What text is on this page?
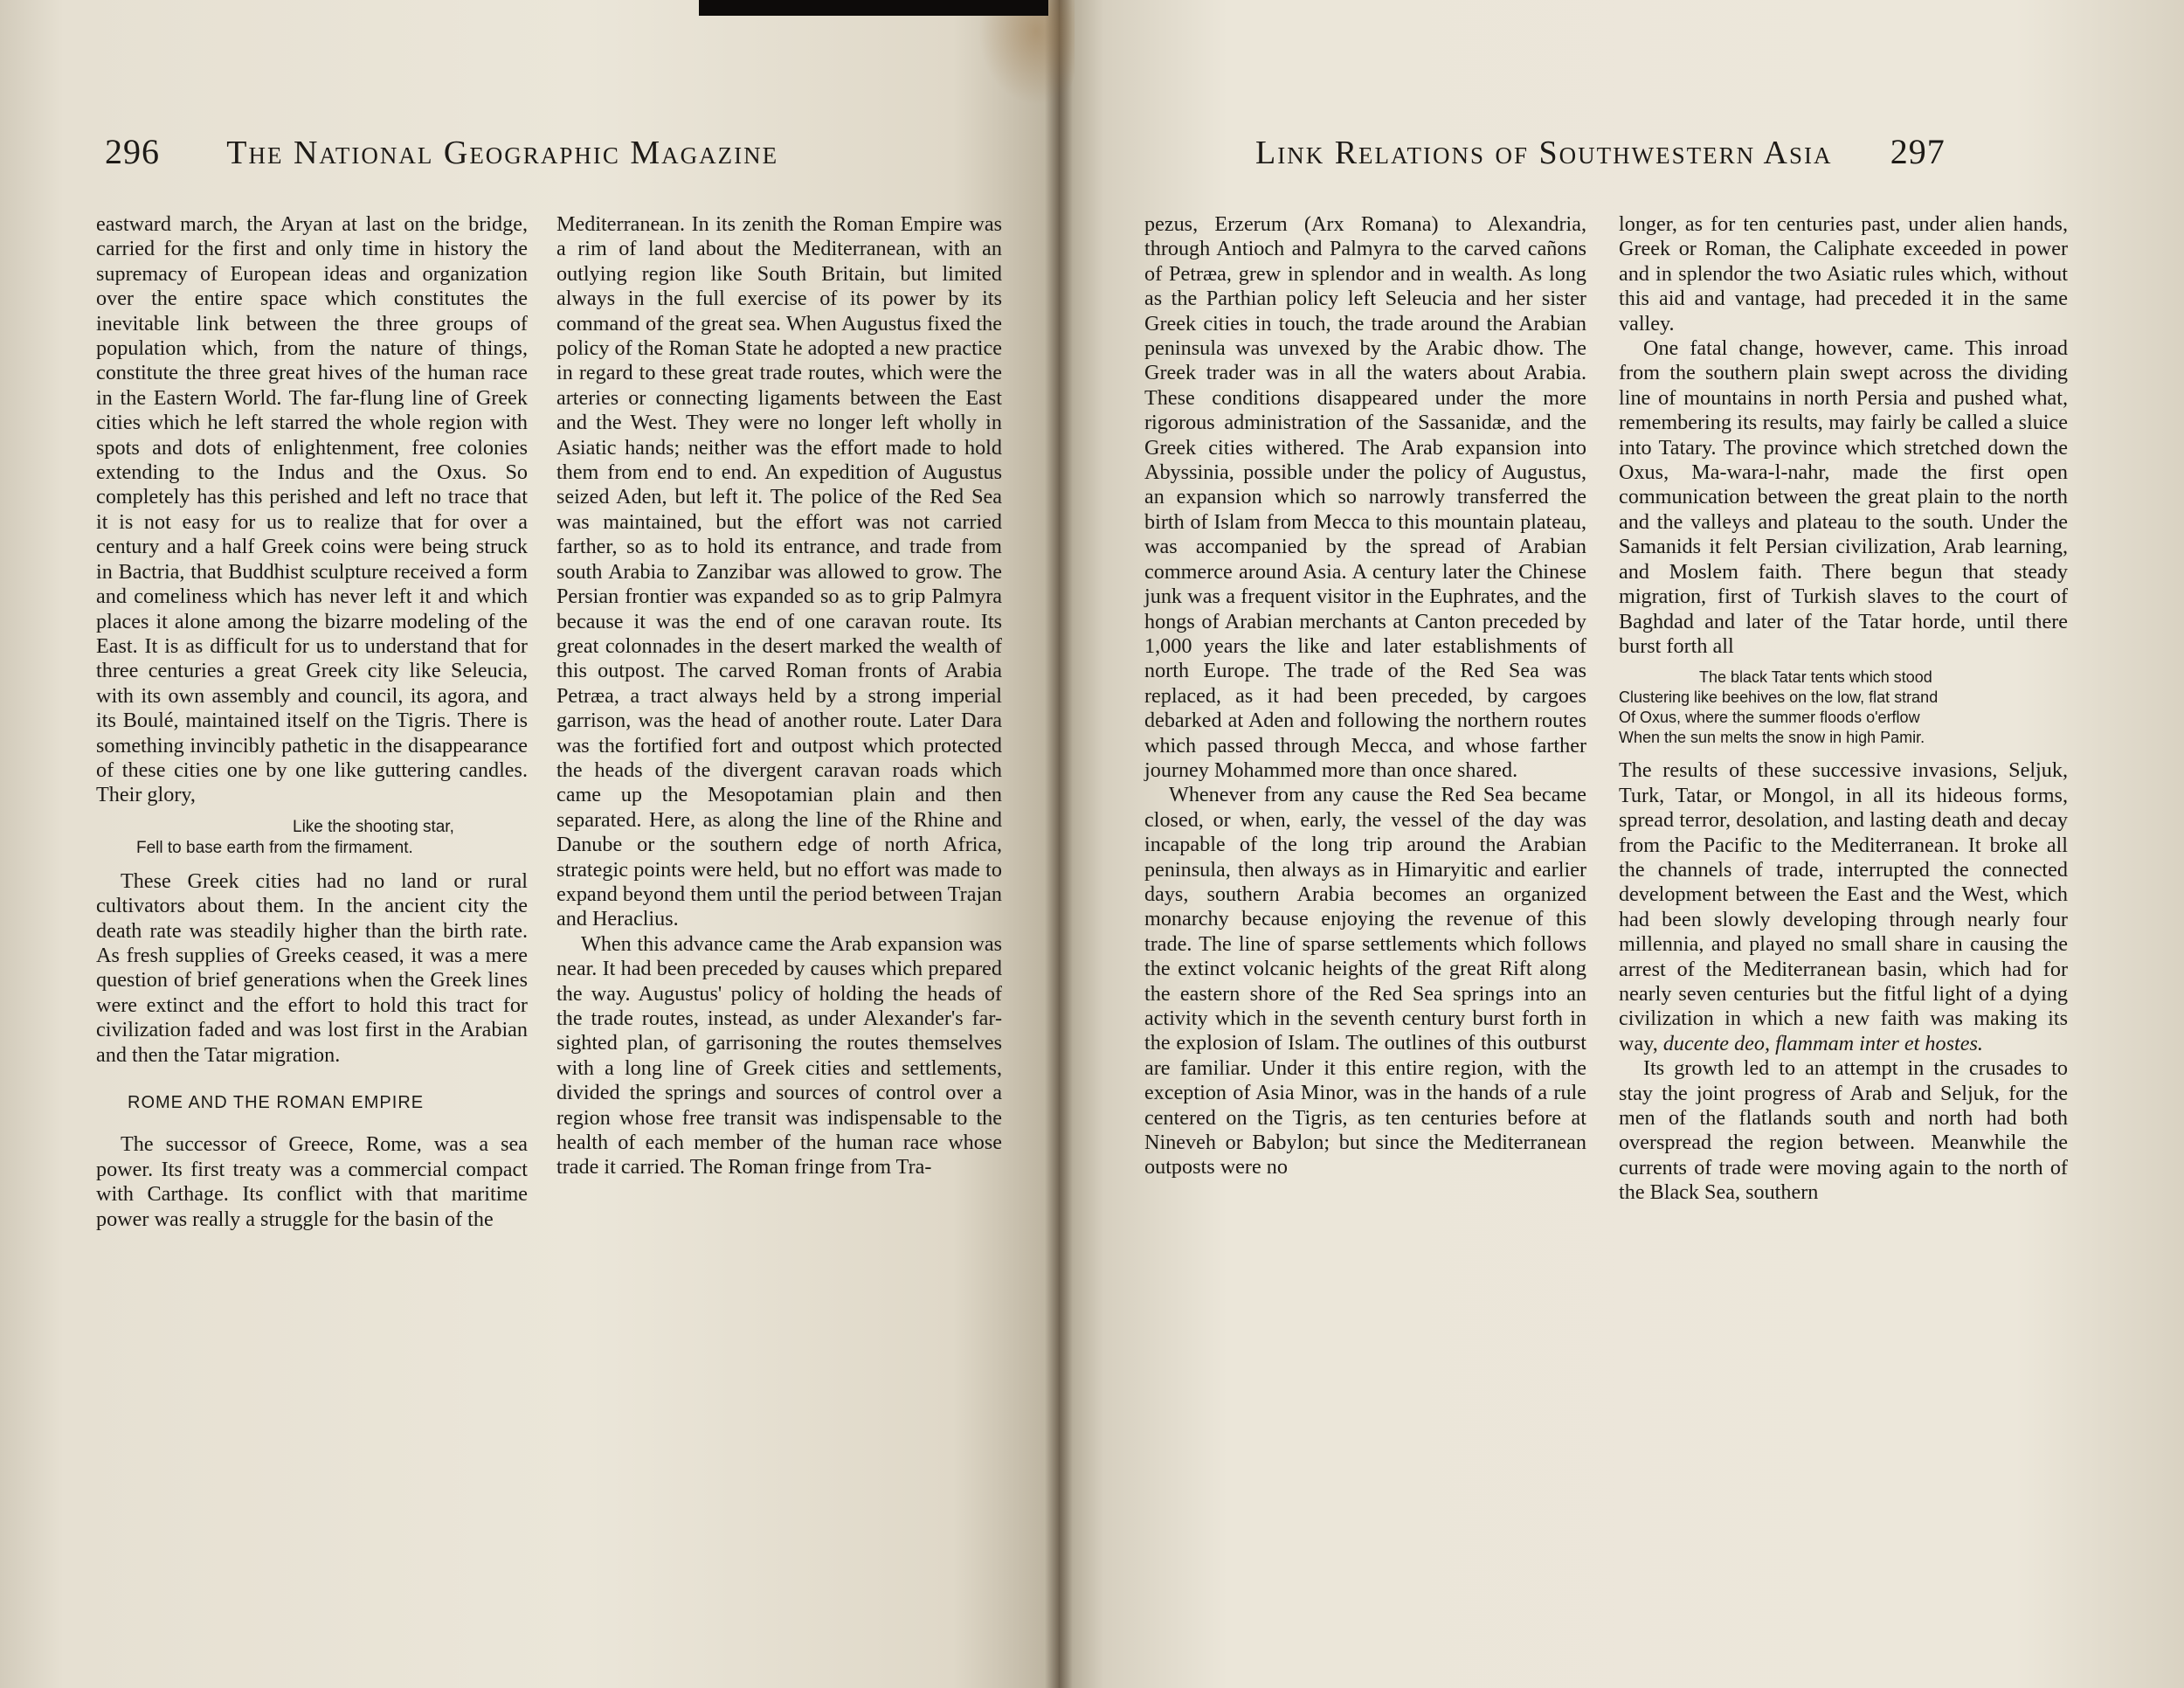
296 The National Geographic Magazine

eastward march, the Aryan at last on the bridge, carried for the first and only time in history the supremacy of European ideas and organization over the entire space which constitutes the inevitable link between the three groups of population which, from the nature of things, constitute the three great hives of the human race in the Eastern World. The far-flung line of Greek cities which he left starred the whole region with spots and dots of enlightenment, free colonies extending to the Indus and the Oxus. So completely has this perished and left no trace that it is not easy for us to realize that for over a century and a half Greek coins were being struck in Bactria, that Buddhist sculpture received a form and comeliness which has never left it and which places it alone among the bizarre modeling of the East. It is as difficult for us to understand that for three centuries a great Greek city like Seleucia, with its own assembly and council, its agora, and its Boulé, maintained itself on the Tigris. There is something invincibly pathetic in the disappearance of these cities one by one like guttering candles. Their glory,

Like the shooting star,
Fell to base earth from the firmament.

These Greek cities had no land or rural cultivators about them. In the ancient city the death rate was steadily higher than the birth rate. As fresh supplies of Greeks ceased, it was a mere question of brief generations when the Greek lines were extinct and the effort to hold this tract for civilization faded and was lost first in the Arabian and then the Tatar migration.

ROME AND THE ROMAN EMPIRE

The successor of Greece, Rome, was a sea power. Its first treaty was a commercial compact with Carthage. Its conflict with that maritime power was really a struggle for the basin of the

Mediterranean. In its zenith the Roman Empire was a rim of land about the Mediterranean, with an outlying region like South Britain, but limited always in the full exercise of its power by its command of the great sea. When Augustus fixed the policy of the Roman State he adopted a new practice in regard to these great trade routes, which were the arteries or connecting ligaments between the East and the West. They were no longer left wholly in Asiatic hands; neither was the effort made to hold them from end to end. An expedition of Augustus seized Aden, but left it. The police of the Red Sea was maintained, but the effort was not carried farther, so as to hold its entrance, and trade from south Arabia to Zanzibar was allowed to grow. The Persian frontier was expanded so as to grip Palmyra because it was the end of one caravan route. Its great colonnades in the desert marked the wealth of this outpost. The carved Roman fronts of Arabia Petræa, a tract always held by a strong imperial garrison, was the head of another route. Later Dara was the fortified fort and outpost which protected the heads of the divergent caravan roads which came up the Mesopotamian plain and then separated. Here, as along the line of the Rhine and Danube or the southern edge of north Africa, strategic points were held, but no effort was made to expand beyond them until the period between Trajan and Heraclius.

When this advance came the Arab expansion was near. It had been preceded by causes which prepared the way. Augustus' policy of holding the heads of the trade routes, instead, as under Alexander's far-sighted plan, of garrisoning the routes themselves with a long line of Greek cities and settlements, divided the springs and sources of control over a region whose free transit was indispensable to the health of each member of the human race whose trade it carried. The Roman fringe from Tra-

Link Relations of Southwestern Asia 297

pezus, Erzerum (Arx Romana) to Alexandria, through Antioch and Palmyra to the carved cañons of Petræa, grew in splendor and in wealth. As long as the Parthian policy left Seleucia and her sister Greek cities in touch, the trade around the Arabian peninsula was unvexed by the Arabic dhow. The Greek trader was in all the waters about Arabia. These conditions disappeared under the more rigorous administration of the Sassanidæ, and the Greek cities withered. The Arab expansion into Abyssinia, possible under the policy of Augustus, an expansion which so narrowly transferred the birth of Islam from Mecca to this mountain plateau, was accompanied by the spread of Arabian commerce around Asia. A century later the Chinese junk was a frequent visitor in the Euphrates, and the hongs of Arabian merchants at Canton preceded by 1,000 years the like and later establishments of north Europe. The trade of the Red Sea was replaced, as it had been preceded, by cargoes debarked at Aden and following the northern routes which passed through Mecca, and whose farther journey Mohammed more than once shared.

Whenever from any cause the Red Sea became closed, or when, early, the vessel of the day was incapable of the long trip around the Arabian peninsula, then always as in Himaryitic and earlier days, southern Arabia becomes an organized monarchy because enjoying the revenue of this trade. The line of sparse settlements which follows the extinct volcanic heights of the great Rift along the eastern shore of the Red Sea springs into an activity which in the seventh century burst forth in the explosion of Islam. The outlines of this outburst are familiar. Under it this entire region, with the exception of Asia Minor, was in the hands of a rule centered on the Tigris, as ten centuries before at Nineveh or Babylon; but since the Mediterranean outposts were no

longer, as for ten centuries past, under alien hands, Greek or Roman, the Caliphate exceeded in power and in splendor the two Asiatic rules which, without this aid and vantage, had preceded it in the same valley.

One fatal change, however, came. This inroad from the southern plain swept across the dividing line of mountains in north Persia and pushed what, remembering its results, may fairly be called a sluice into Tatary. The province which stretched down the Oxus, Ma-wara-l-nahr, made the first open communication between the great plain to the north and the valleys and plateau to the south. Under the Samanids it felt Persian civilization, Arab learning, and Moslem faith. There begun that steady migration, first of Turkish slaves to the court of Baghdad and later of the Tatar horde, until there burst forth all

The black Tatar tents which stood
Clustering like beehives on the low, flat strand
Of Oxus, where the summer floods o'erflow
When the sun melts the snow in high Pamir.

The results of these successive invasions, Seljuk, Turk, Tatar, or Mongol, in all its hideous forms, spread terror, desolation, and lasting death and decay from the Pacific to the Mediterranean. It broke all the channels of trade, interrupted the connected development between the East and the West, which had been slowly developing through nearly four millennia, and played no small share in causing the arrest of the Mediterranean basin, which had for nearly seven centuries but the fitful light of a dying civilization in which a new faith was making its way, ducente deo, flammam inter et hostes.

Its growth led to an attempt in the crusades to stay the joint progress of Arab and Seljuk, for the men of the flatlands south and north had both overspread the region between. Meanwhile the currents of trade were moving again to the north of the Black Sea, southern
